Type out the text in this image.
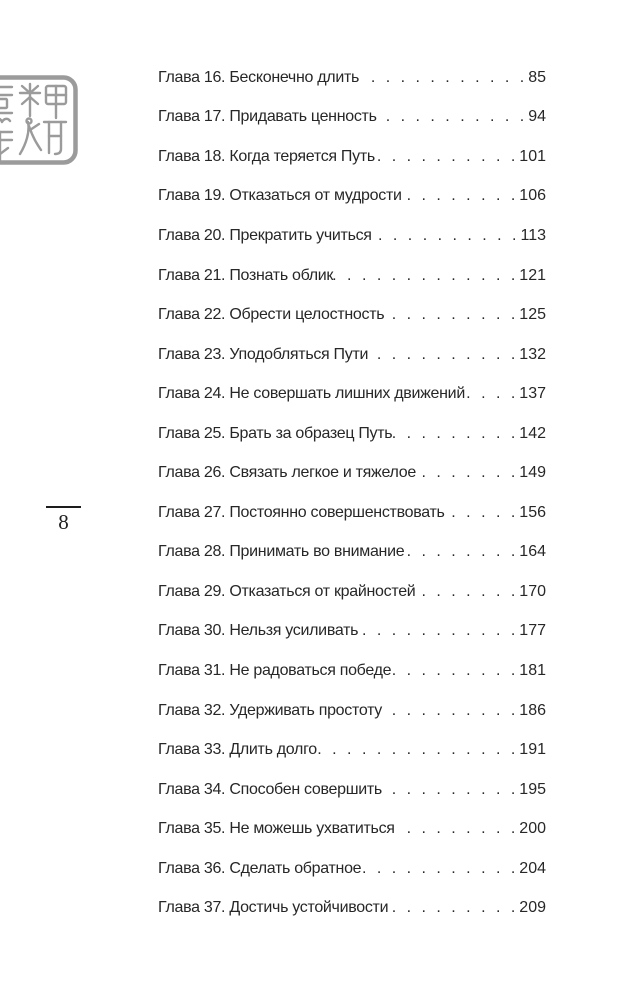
8
Глава 16. Бесконечно длить . . .	85
Глава 17. Придавать ценность . . .	94
Глава 18. Когда теряется Путь . . .	101
Глава 19. Отказаться от мудрости . . .	106
Глава 20. Прекратить учиться . . .	113
Глава 21. Познать облик . . .	121
Глава 22. Обрести целостность . . .	125
Глава 23. Уподобляться Пути . . .	132
Глава 24. Не совершать лишних движений . . .	137
Глава 25. Брать за образец Путь . . .	142
Глава 26. Связать легкое и тяжелое . . .	149
Глава 27. Постоянно совершенствовать . . .	156
Глава 28. Принимать во внимание . . .	164
Глава 29. Отказаться от крайностей . . .	170
Глава 30. Нельзя усиливать . . .	177
Глава 31. Не радоваться победе . . .	181
Глава 32. Удерживать простоту . . .	186
Глава 33. Длить долго . . .	191
Глава 34. Способен совершить . . .	195
Глава 35. Не можешь ухватиться . . .	200
Глава 36. Сделать обратное . . .	204
Глава 37. Достичь устойчивости . . .	209
